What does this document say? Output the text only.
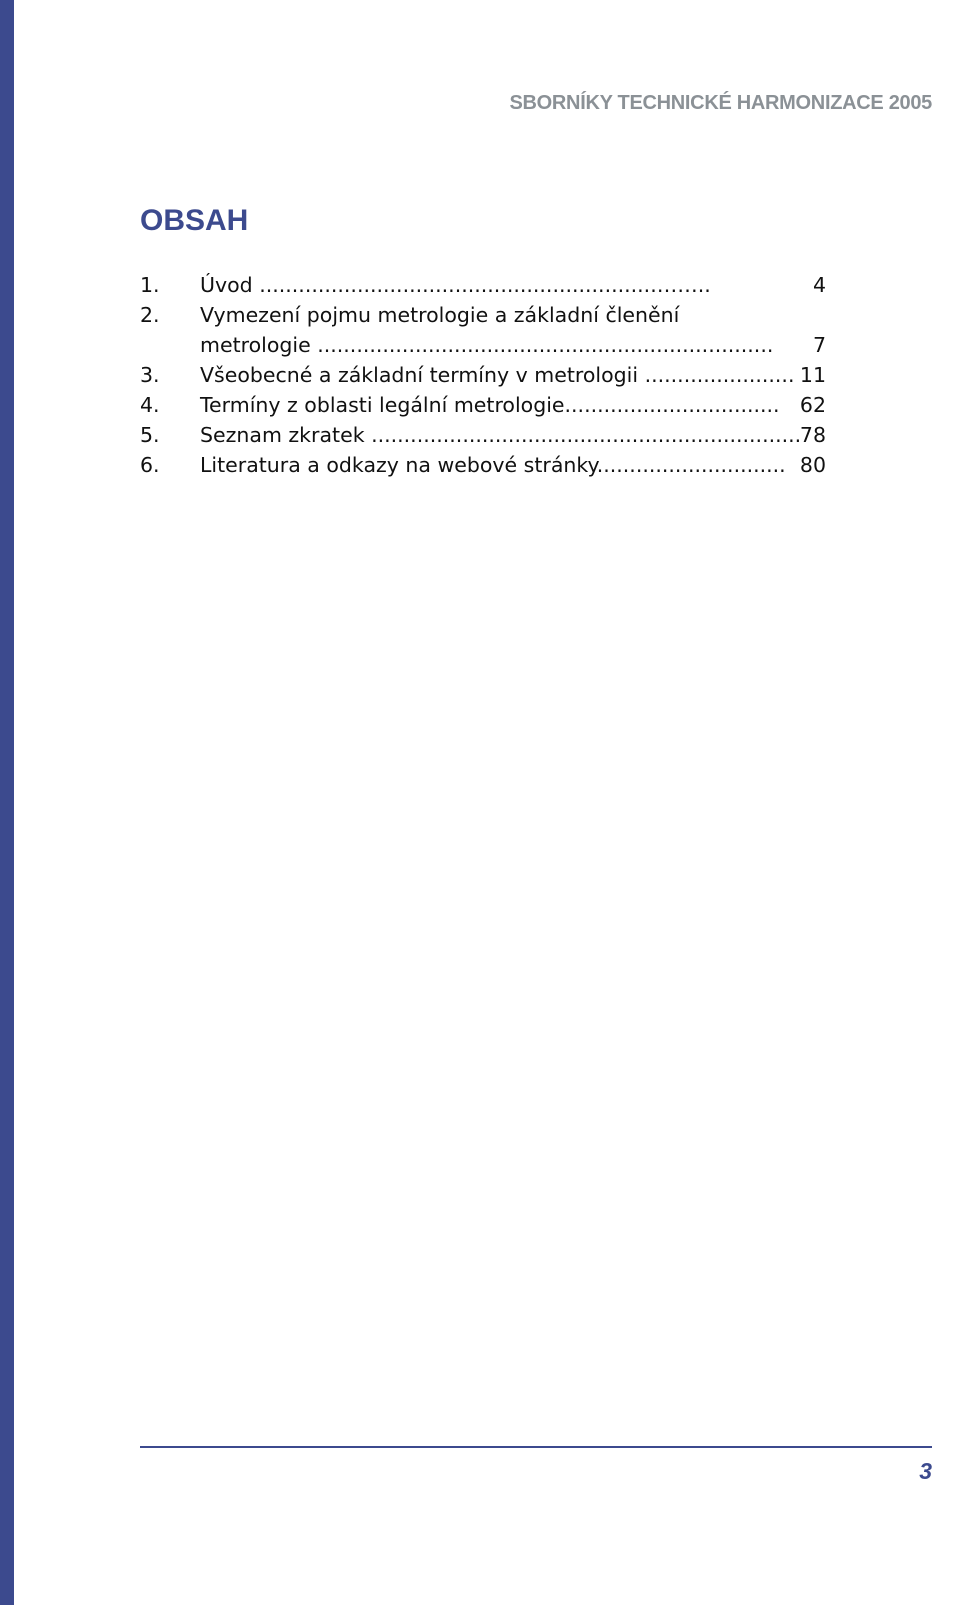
SBORNÍKY TECHNICKÉ HARMONIZACE 2005
OBSAH
1. Úvod .............................................................……..	4
2. Vymezení pojmu metrologie a základní členění
metrologie ...................................................................... 7
3. Všeobecné a základní termíny v metrologii ....................... 11
4. Termíny z oblasti legální metrologie................................. 62
5. Seznam zkratek ..................................................................
78
6. Literatura a odkazy na webové stránky............................. 80
3
